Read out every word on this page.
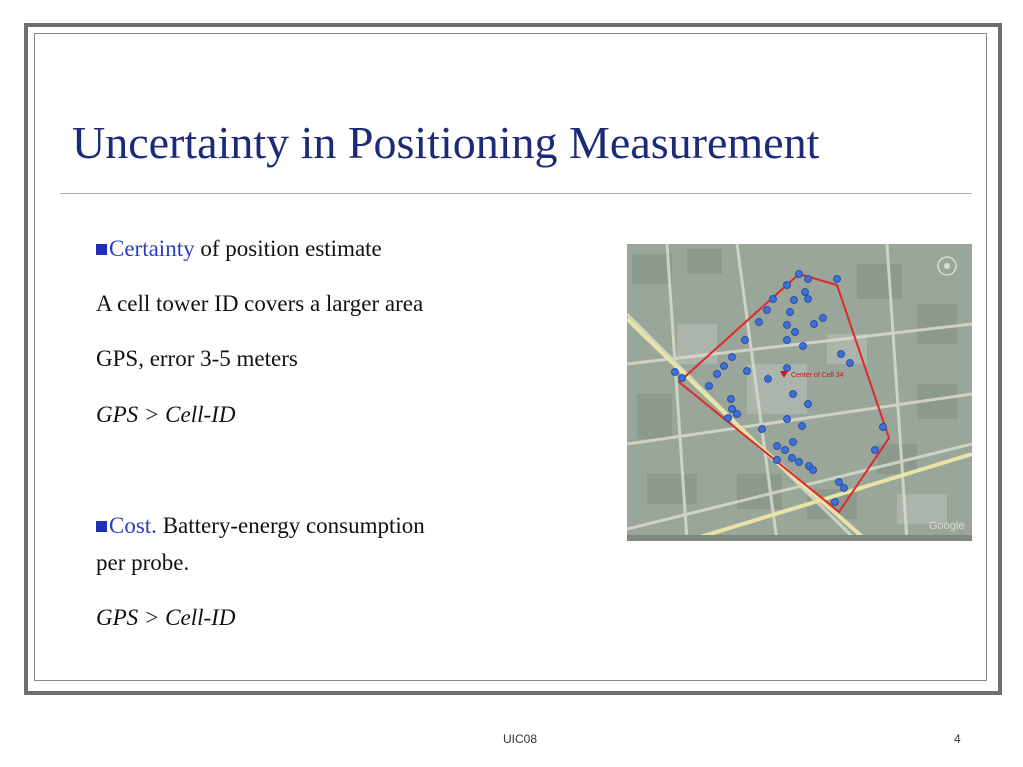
Uncertainty in Positioning Measurement
Certainty of position estimate
A cell tower ID covers a larger area
GPS, error 3-5 meters
GPS > Cell-ID
Cost. Battery-energy consumption
per probe.
GPS > Cell-ID
Center of Cell 34
Google
UIC08	4
